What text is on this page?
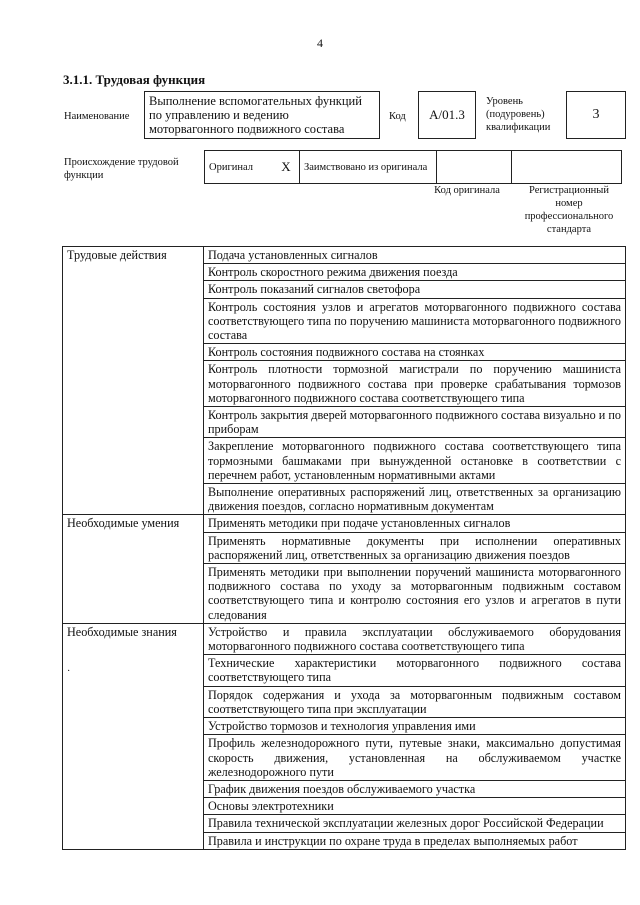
4
3.1.1. Трудовая функция
Наименование
Выполнение вспомогательных функций по управлению и ведению моторвагонного подвижного состава
Код А/01.3
Уровень (подуровень) квалификации
3
Происхождение трудовой функции
Оригинал	X	Заимствовано из оригинала		
Код оригинала	Регистрационный номер профессионального стандарта
Трудовые действия	Подача установленных сигналов
	Контроль скоростного режима движения поезда
	Контроль показаний сигналов светофора
	Контроль состояния узлов и агрегатов моторвагонного подвижного состава соответствующего типа по поручению машиниста моторвагонного подвижного состава
	Контроль состояния подвижного состава на стоянках
	Контроль плотности тормозной магистрали по поручению машиниста моторвагонного подвижного состава при проверке срабатывания тормозов моторвагонного подвижного состава соответствующего типа
	Контроль закрытия дверей моторвагонного подвижного состава визуально и по приборам
	Закрепление моторвагонного подвижного состава соответствующего типа тормозными башмаками при вынужденной остановке в соответствии с перечнем работ, установленным нормативными актами
	Выполнение оперативных распоряжений лиц, ответственных за организацию движения поездов, согласно нормативным документам
Необходимые умения	Применять методики при подаче установленных сигналов
	Применять нормативные документы при исполнении оперативных распоряжений лиц, ответственных за организацию движения поездов
	Применять методики при выполнении поручений машиниста моторвагонного подвижного состава по уходу за моторвагонным подвижным составом соответствующего типа и контролю состояния его узлов и агрегатов в пути следования
Необходимые знания	Устройство и правила эксплуатации обслуживаемого оборудования моторвагонного подвижного состава соответствующего типа
	Технические характеристики моторвагонного подвижного состава соответствующего типа
	Порядок содержания и ухода за моторвагонным подвижным составом соответствующего типа при эксплуатации
	Устройство тормозов и технология управления ими
	Профиль железнодорожного пути, путевые знаки, максимально допустимая скорость движения, установленная на обслуживаемом участке железнодорожного пути
	График движения поездов обслуживаемого участка
	Основы электротехники
	Правила технической эксплуатации железных дорог Российской Федерации
	Правила и инструкции по охране труда в пределах выполняемых работ
·
